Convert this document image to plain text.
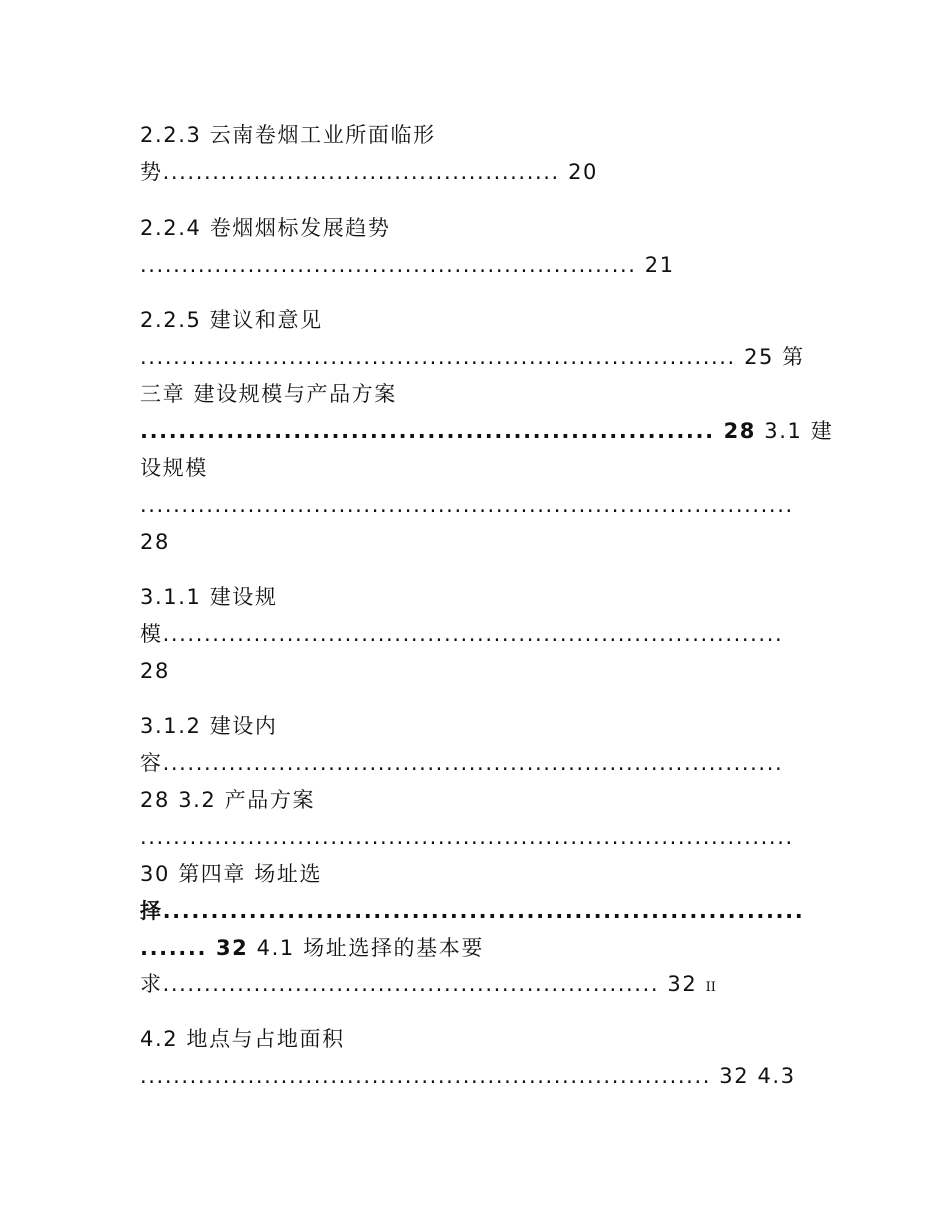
2.2.3 云南卷烟工业所面临形
势................................................ 20
2.2.4 卷烟烟标发展趋势
............................................................ 21
2.2.5 建议和意见
........................................................................ 25 第
三章 建设规模与产品方案
............................................................ 28 3.1 建
设规模
...............................................................................
28
3.1.1 建设规
模...........................................................................
28
3.1.2 建设内
容...........................................................................
28 3.2 产品方案
...............................................................................
30 第四章 场址选
择...................................................................
....... 32 4.1 场址选择的基本要
求............................................................ 32 II
4.2 地点与占地面积
..................................................................... 32 4.3
